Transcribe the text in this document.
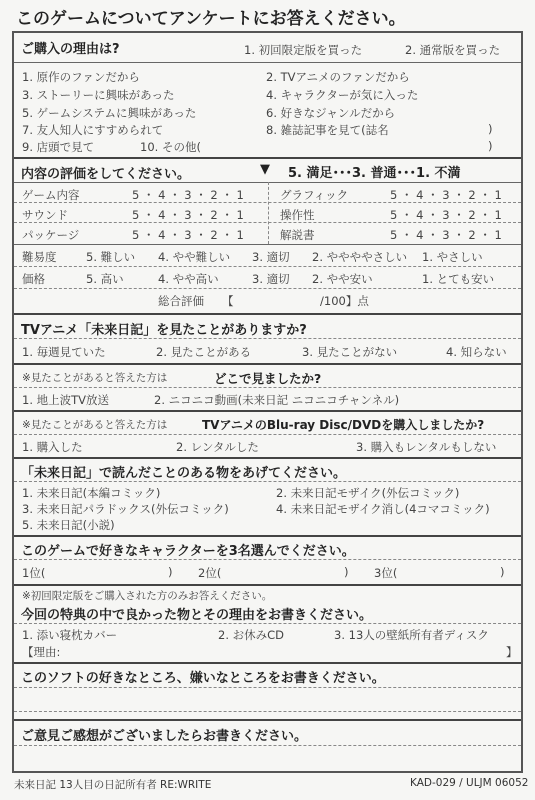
このゲームについてアンケートにお答えください。
ご購入の理由は?	1. 初回限定版を買った	2. 通常版を買った
1. 原作のファンだから	2. TVアニメのファンだから
3. ストーリーに興味があった	4. キャラクターが気に入った
5. ゲームシステムに興味があった	6. 好きなジャンルだから
7. 友人知人にすすめられて	8. 雑誌記事を見て(誌名	)
9. 店頭で見て	10. その他(	)
内容の評価をしてください。	▼ 5. 満足･･･3. 普通･･･1. 不満
ゲーム内容	5 ・ 4 ・ 3 ・ 2 ・ 1	グラフィック	5 ・ 4 ・ 3 ・ 2 ・ 1
サウンド	5 ・ 4 ・ 3 ・ 2 ・ 1	操作性	5 ・ 4 ・ 3 ・ 2 ・ 1
パッケージ	5 ・ 4 ・ 3 ・ 2 ・ 1	解説書	5 ・ 4 ・ 3 ・ 2 ・ 1
難易度	5. 難しい 4. やや難しい 3. 適切 2. ややややさしい 1. やさしい
価格	5. 高い	4. やや高い	3. 適切 2. やや安い	1. とても安い
総合評価 【	/100】点
TVアニメ「未来日記」を見たことがありますか?
1. 毎週見ていた	2. 見たことがある	3. 見たことがない	4. 知らない
※見たことがあると答えた方は	どこで見ましたか?
1. 地上波TV放送	2. ニコニコ動画(未来日記 ニコニコチャンネル)
※見たことがあると答えた方は	TVアニメのBlu-ray Disc/DVDを購入しましたか?
1. 購入した	2. レンタルした	3. 購入もレンタルもしない
「未来日記」で読んだことのある物をあげてください。
1. 未来日記(本編コミック)	2. 未来日記モザイク(外伝コミック)
3. 未来日記パラドックス(外伝コミック)	4. 未来日記モザイク消し(4コマコミック)
5. 未来日記(小説)
このゲームで好きなキャラクターを3名選んでください。
1位(	) 2位(	) 3位(	)
※初回限定版をご購入された方のみお答えください。
今回の特典の中で良かった物とその理由をお書きください。
1. 添い寝枕カバー	2. お休みCD	3. 13人の壁紙所有者ディスク
【理由:	】
このソフトの好きなところ、嫌いなところをお書きください。
ご意見ご感想がございましたらお書きください。
未来日記 13人目の日記所有者 RE:WRITE	KAD-029 / ULJM 06052
